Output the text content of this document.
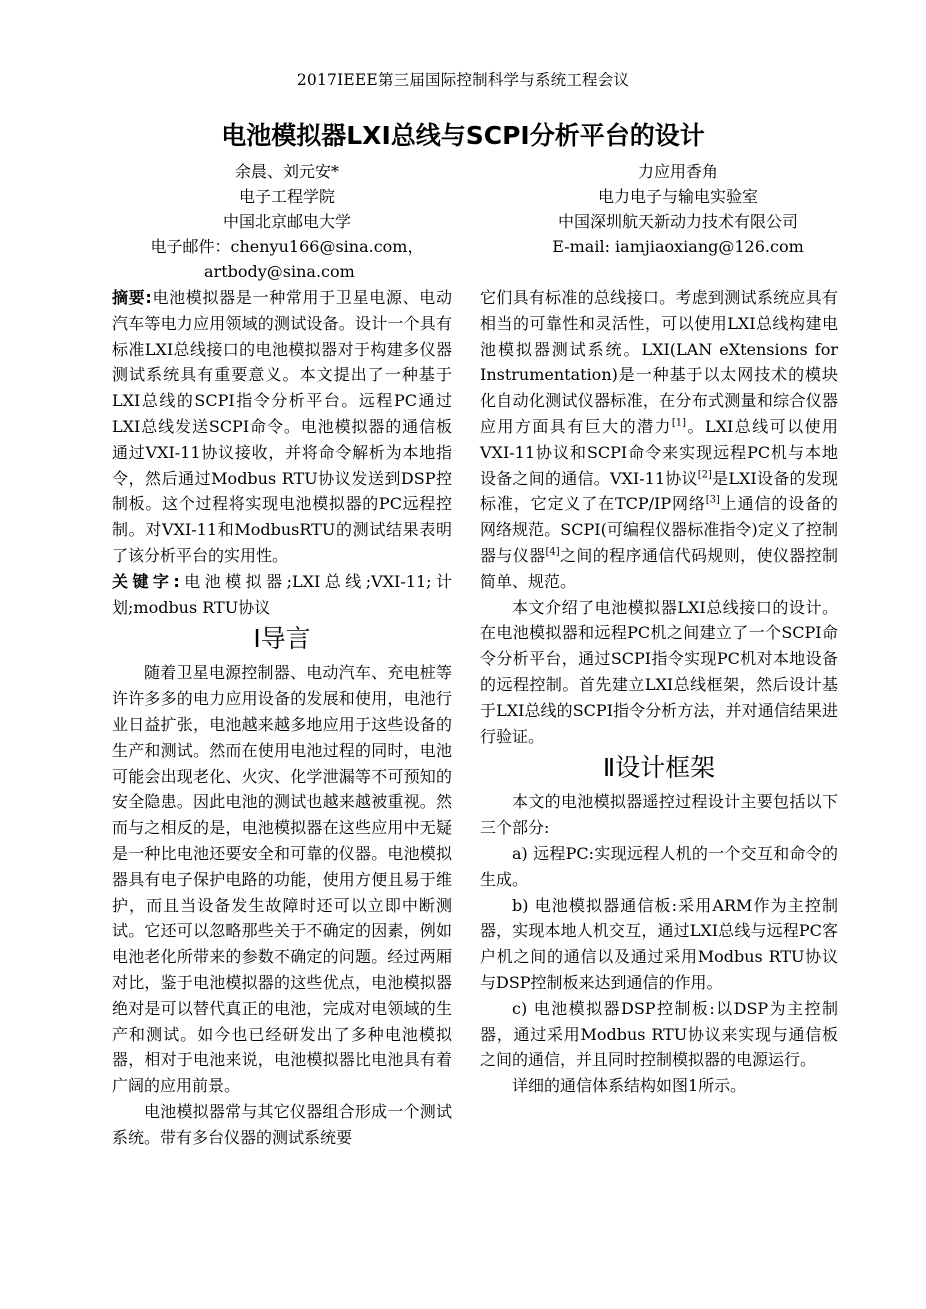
2017IEEE第三届国际控制科学与系统工程会议
电池模拟器LXI总线与SCPI分析平台的设计
余晨、刘元安*
电子工程学院
中国北京邮电大学
电子邮件：chenyu166@sina.com，
artbody@sina.com
力应用香角
电力电子与输电实验室
中国深圳航天新动力技术有限公司
E-mail: iamjiaoxiang@126.com

摘要:电池模拟器是一种常用于卫星电源、电动汽车等电力应用领域的测试设备。设计一个具有标准LXI总线接口的电池模拟器对于构建多仪器测试系统具有重要意义。本文提出了一种基于LXI总线的SCPI指令分析平台。远程PC通过LXI总线发送SCPI命令。电池模拟器的通信板通过VXI-11协议接收，并将命令解析为本地指令，然后通过Modbus RTU协议发送到DSP控制板。这个过程将实现电池模拟器的PC远程控制。对VXI-11和ModbusRTU的测试结果表明了该分析平台的实用性。

关键字:电池模拟器;LXI总线;VXI-11;计划;modbus RTU协议

Ⅰ导言

随着卫星电源控制器、电动汽车、充电桩等许许多多的电力应用设备的发展和使用，电池行业日益扩张，电池越来越多地应用于这些设备的生产和测试。然而在使用电池过程的同时，电池可能会出现老化、火灾、化学泄漏等不可预知的安全隐患。因此电池的测试也越来越被重视。然而与之相反的是，电池模拟器在这些应用中无疑是一种比电池还要安全和可靠的仪器。电池模拟器具有电子保护电路的功能，使用方便且易于维护，而且当设备发生故障时还可以立即中断测试。它还可以忽略那些关于不确定的因素，例如电池老化所带来的参数不确定的问题。经过两厢对比，鉴于电池模拟器的这些优点，电池模拟器绝对是可以替代真正的电池，完成对电领域的生产和测试。如今也已经研发出了多种电池模拟器，相对于电池来说，电池模拟器比电池具有着广阔的应用前景。

电池模拟器常与其它仪器组合形成一个测试系统。带有多台仪器的测试系统要

它们具有标准的总线接口。考虑到测试系统应具有相当的可靠性和灵活性，可以使用LXI总线构建电池模拟器测试系统。LXI(LAN eXtensions for Instrumentation)是一种基于以太网技术的模块化自动化测试仪器标准，在分布式测量和综合仪器应用方面具有巨大的潜力[1]。LXI总线可以使用VXI-11协议和SCPI命令来实现远程PC机与本地设备之间的通信。VXI-11协议[2]是LXI设备的发现标准，它定义了在TCP/IP网络[3]上通信的设备的网络规范。SCPI(可编程仪器标准指令)定义了控制器与仪器[4]之间的程序通信代码规则，使仪器控制简单、规范。

本文介绍了电池模拟器LXI总线接口的设计。在电池模拟器和远程PC机之间建立了一个SCPI命令分析平台，通过SCPI指令实现PC机对本地设备的远程控制。首先建立LXI总线框架，然后设计基于LXI总线的SCPI指令分析方法，并对通信结果进行验证。

Ⅱ设计框架

本文的电池模拟器遥控过程设计主要包括以下三个部分:

a) 远程PC:实现远程人机的一个交互和命令的生成。

b) 电池模拟器通信板:采用ARM作为主控制器，实现本地人机交互，通过LXI总线与远程PC客户机之间的通信以及通过采用Modbus RTU协议与DSP控制板来达到通信的作用。

c) 电池模拟器DSP控制板:以DSP为主控制器，通过采用Modbus RTU协议来实现与通信板之间的通信，并且同时控制模拟器的电源运行。

详细的通信体系结构如图1所示。
